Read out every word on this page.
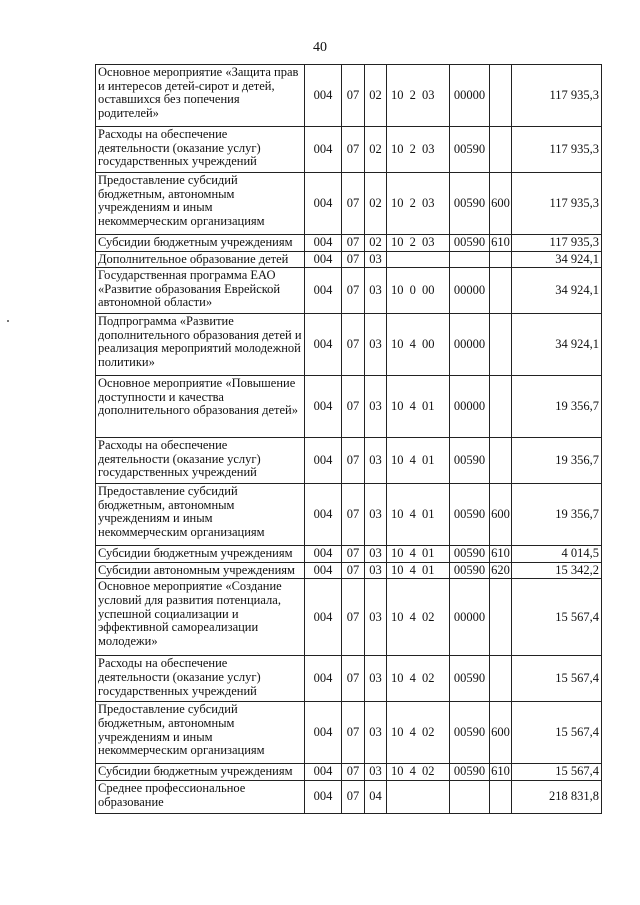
40
Основное мероприятие «Защита прав и интересов детей-сирот и детей, оставшихся без попечения родителей»	004	07	02	10 2 03	00000		117 935,3
Расходы на обеспечение деятельности (оказание услуг) государственных учреждений	004	07	02	10 2 03	00590		117 935,3
Предоставление субсидий бюджетным, автономным учреждениям и иным некоммерческим организациям	004	07	02	10 2 03	00590	600	117 935,3
Субсидии бюджетным учреждениям	004	07	02	10 2 03	00590	610	117 935,3
Дополнительное образование детей	004	07	03				34 924,1
Государственная программа ЕАО «Развитие образования Еврейской автономной области»	004	07	03	10 0 00	00000		34 924,1
Подпрограмма «Развитие дополнительного образования детей и реализация мероприятий молодежной политики»	004	07	03	10 4 00	00000		34 924,1
Основное мероприятие «Повышение доступности и качества дополнительного образования детей»	004	07	03	10 4 01	00000		19 356,7
Расходы на обеспечение деятельности (оказание услуг) государственных учреждений	004	07	03	10 4 01	00590		19 356,7
Предоставление субсидий бюджетным, автономным учреждениям и иным некоммерческим организациям	004	07	03	10 4 01	00590	600	19 356,7
Субсидии бюджетным учреждениям	004	07	03	10 4 01	00590	610	4 014,5
Субсидии автономным учреждениям	004	07	03	10 4 01	00590	620	15 342,2
Основное мероприятие «Создание условий для развития потенциала, успешной социализации и эффективной самореализации молодежи»	004	07	03	10 4 02	00000		15 567,4
Расходы на обеспечение деятельности (оказание услуг) государственных учреждений	004	07	03	10 4 02	00590		15 567,4
Предоставление субсидий бюджетным, автономным учреждениям и иным некоммерческим организациям	004	07	03	10 4 02	00590	600	15 567,4
Субсидии бюджетным учреждениям	004	07	03	10 4 02	00590	610	15 567,4
Среднее профессиональное образование	004	07	04				218 831,8
